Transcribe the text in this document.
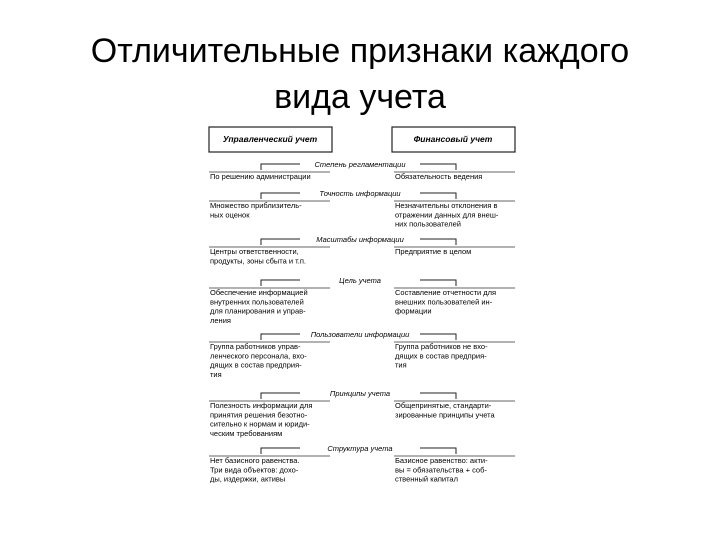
Отличительные признаки каждого
вида учета
Управленческий учет	Финансовый учет
Степень регламентации
По решению администрации	Обязательность ведения
Точность информации
Множество приблизитель-
ных оценок
Незначительны отклонения в
отражении данных для внеш-
них пользователей
Масштабы информации
Центры ответственности,
продукты, зоны сбыта и т.п.
Предприятие в целом
Цель учета
Обеспечение информацией
внутренних пользователей
для планирования и управ-
ления
Составление отчетности для
внешних пользователей ин-
формации
Пользователи информации
Группа работников управ-
ленческого персонала, вхо-
дящих в состав предприя-
тия
Группа работников не вхо-
дящих в состав предприя-
тия
Принципы учета
Полезность информации для
принятия решения безотно-
сительно к нормам и юриди-
ческим требованиям
Общепринятые, стандарти-
зированные принципы учета
Структура учета
Нет базисного равенства.
Три вида объектов: дохо-
ды, издержки, активы
Базисное равенство: акти-
вы = обязательства + соб-
ственный капитал
